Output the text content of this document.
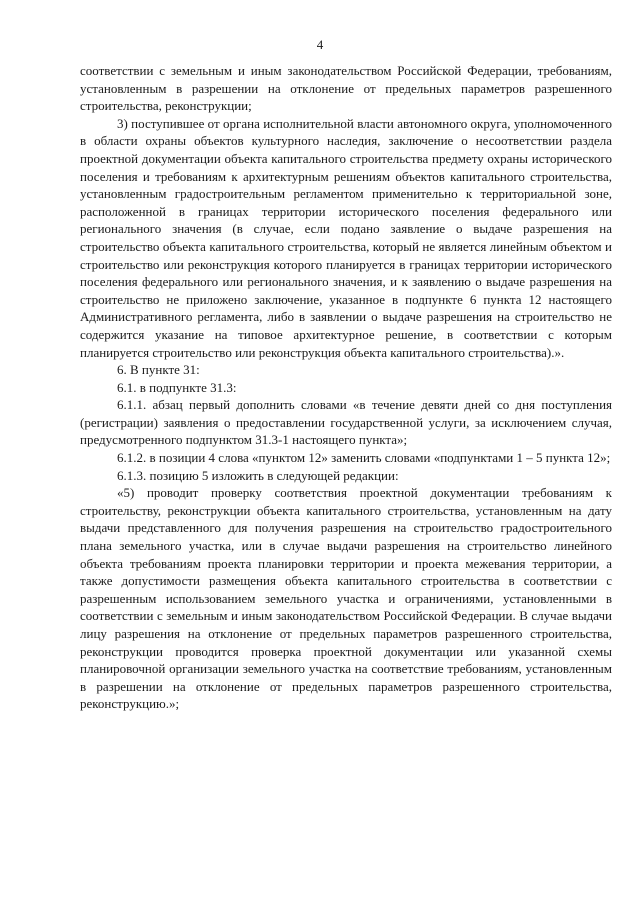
4

соответствии с земельным и иным законодательством Российской Федерации, требованиям, установленным в разрешении на отклонение от предельных параметров разрешенного строительства, реконструкции;

3) поступившее от органа исполнительной власти автономного округа, уполномоченного в области охраны объектов культурного наследия, заключение о несоответствии раздела проектной документации объекта капитального строительства предмету охраны исторического поселения и требованиям к архитектурным решениям объектов капитального строительства, установленным градостроительным регламентом применительно к территориальной зоне, расположенной в границах территории исторического поселения федерального или регионального значения (в случае, если подано заявление о выдаче разрешения на строительство объекта капитального строительства, который не является линейным объектом и строительство или реконструкция которого планируется в границах территории исторического поселения федерального или регионального значения, и к заявлению о выдаче разрешения на строительство не приложено заключение, указанное в подпункте 6 пункта 12 настоящего Административного регламента, либо в заявлении о выдаче разрешения на строительство не содержится указание на типовое архитектурное решение, в соответствии с которым планируется строительство или реконструкция объекта капитального строительства).».

6. В пункте 31:

6.1. в подпункте 31.3:

6.1.1. абзац первый дополнить словами «в течение девяти дней со дня поступления (регистрации) заявления о предоставлении государственной услуги, за исключением случая, предусмотренного подпунктом 31.3-1 настоящего пункта»;

6.1.2. в позиции 4 слова «пунктом 12» заменить словами «подпунктами 1 – 5 пункта 12»;

6.1.3. позицию 5 изложить в следующей редакции:

«5) проводит проверку соответствия проектной документации требованиям к строительству, реконструкции объекта капитального строительства, установленным на дату выдачи представленного для получения разрешения на строительство градостроительного плана земельного участка, или в случае выдачи разрешения на строительство линейного объекта требованиям проекта планировки территории и проекта межевания территории, а также допустимости размещения объекта капитального строительства в соответствии с разрешенным использованием земельного участка и ограничениями, установленными в соответствии с земельным и иным законодательством Российской Федерации. В случае выдачи лицу разрешения на отклонение от предельных параметров разрешенного строительства, реконструкции проводится проверка проектной документации или указанной схемы планировочной организации земельного участка на соответствие требованиям, установленным в разрешении на отклонение от предельных параметров разрешенного строительства, реконструкцию.»;
